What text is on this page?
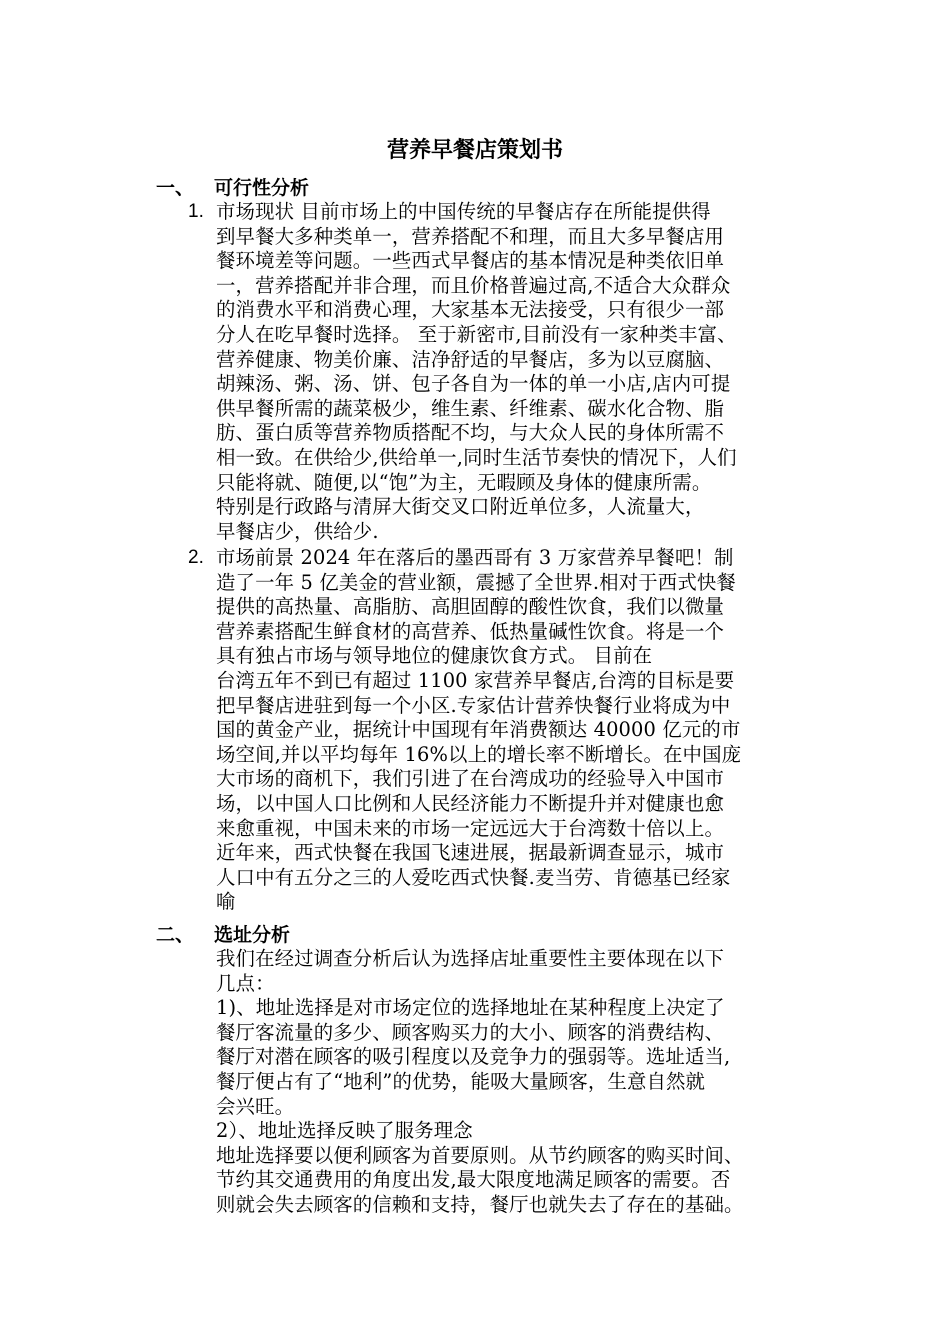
营养早餐店策划书
一、 可行性分析
1. 市场现状 目前市场上的中国传统的早餐店存在所能提供得
到早餐大多种类单一，营养搭配不和理，而且大多早餐店用
餐环境差等问题。一些西式早餐店的基本情况是种类依旧单
一，营养搭配并非合理，而且价格普遍过高,不适合大众群众
的消费水平和消费心理，大家基本无法接受，只有很少一部
分人在吃早餐时选择。 至于新密市,目前没有一家种类丰富、
营养健康、物美价廉、洁净舒适的早餐店，多为以豆腐脑、
胡辣汤、粥、汤、饼、包子各自为一体的单一小店,店内可提
供早餐所需的蔬菜极少，维生素、纤维素、碳水化合物、脂
肪、蛋白质等营养物质搭配不均，与大众人民的身体所需不
相一致。在供给少,供给单一,同时生活节奏快的情况下，人们
只能将就、随便,以“饱”为主，无暇顾及身体的健康所需。
特别是行政路与清屏大街交叉口附近单位多，人流量大，
早餐店少，供给少.
2. 市场前景 2024 年在落后的墨西哥有 3 万家营养早餐吧！制
造了一年 5 亿美金的营业额，震撼了全世界.相对于西式快餐
提供的高热量、高脂肪、高胆固醇的酸性饮食，我们以微量
营养素搭配生鲜食材的高营养、低热量碱性饮食。将是一个
具有独占市场与领导地位的健康饮食方式。 目前在
台湾五年不到已有超过 1100 家营养早餐店,台湾的目标是要
把早餐店进驻到每一个小区.专家估计营养快餐行业将成为中
国的黄金产业，据统计中国现有年消费额达 40000 亿元的市
场空间,并以平均每年 16%以上的增长率不断增长。在中国庞
大市场的商机下，我们引进了在台湾成功的经验导入中国市
场，以中国人口比例和人民经济能力不断提升并对健康也愈
来愈重视，中国未来的市场一定远远大于台湾数十倍以上。
近年来，西式快餐在我国飞速进展，据最新调查显示，城市
人口中有五分之三的人爱吃西式快餐.麦当劳、肯德基已经家
喻
二、 选址分析
我们在经过调查分析后认为选择店址重要性主要体现在以下
几点：
1)、地址选择是对市场定位的选择地址在某种程度上决定了
餐厅客流量的多少、顾客购买力的大小、顾客的消费结构、
餐厅对潜在顾客的吸引程度以及竞争力的强弱等。选址适当,
餐厅便占有了“地利”的优势，能吸大量顾客，生意自然就
会兴旺。
2）、地址选择反映了服务理念
地址选择要以便利顾客为首要原则。从节约顾客的购买时间、
节约其交通费用的角度出发,最大限度地满足顾客的需要。否
则就会失去顾客的信赖和支持，餐厅也就失去了存在的基础。
